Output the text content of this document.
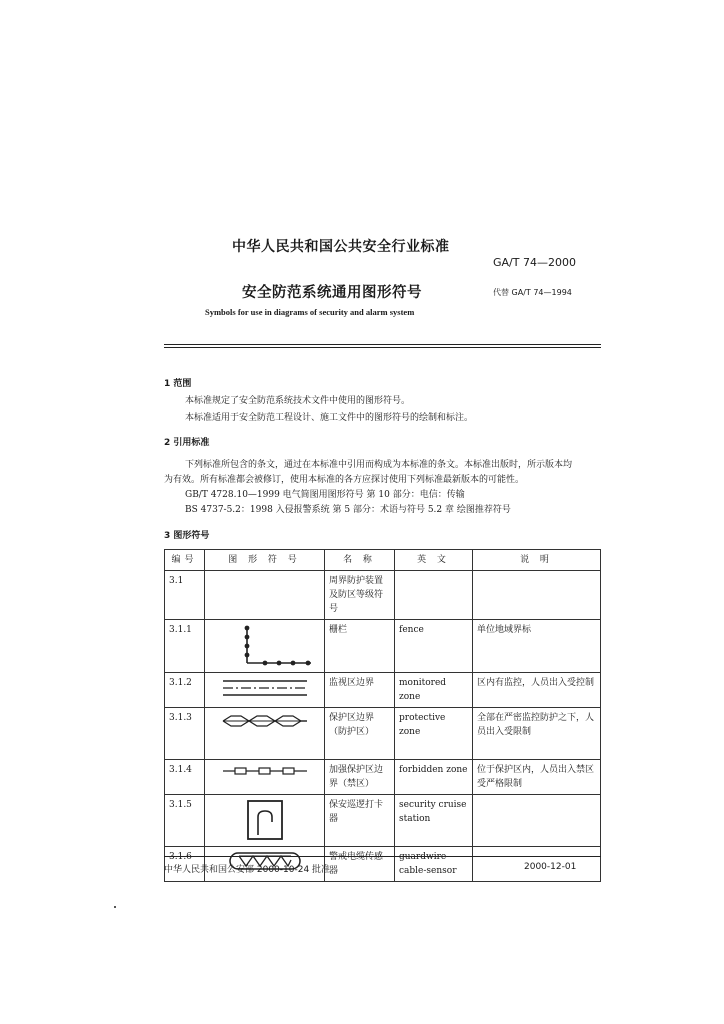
中华人民共和国公共安全行业标准
GA/T 74—2000
安全防范系统通用图形符号	代替 GA/T 74—1994
Symbols for use in diagrams of security and alarm system
1 范围
本标准规定了安全防范系统技术文件中使用的图形符号。
本标准适用于安全防范工程设计、施工文件中的图形符号的绘制和标注。
2 引用标准
下列标准所包含的条文，通过在本标准中引用而构成为本标准的条文。本标准出版时，所示版本均
为有效。所有标准都会被修订，使用本标准的各方应探讨使用下列标准最新版本的可能性。
GB/T 4728.10—1999 电气简图用图形符号 第 10 部分：电信：传输
BS 4737-5.2：1998 入侵报警系统 第 5 部分：术语与符号 5.2 章 绘图推荐符号
3 图形符号
编号	图 形 符 号	名 称	英 文	说 明
3.1		周界防护装置及防区等级符号		
3.1.1		栅栏	fence	单位地域界标
3.1.2		监视区边界	monitored zone	区内有监控，人员出入受控制
3.1.3		保护区边界（防护区）	protective zone	全部在严密监控防护之下，人员出入受限制
3.1.4		加强保护区边界（禁区）	forbidden zone	位于保护区内，人员出入禁区受严格限制
3.1.5		保安巡逻打卡器	security cruise station	
3.1.6		警戒电缆传感器	guardwire cable-sensor	
中华人民共和国公安部 2000-10-24 批准	2000-12-01
